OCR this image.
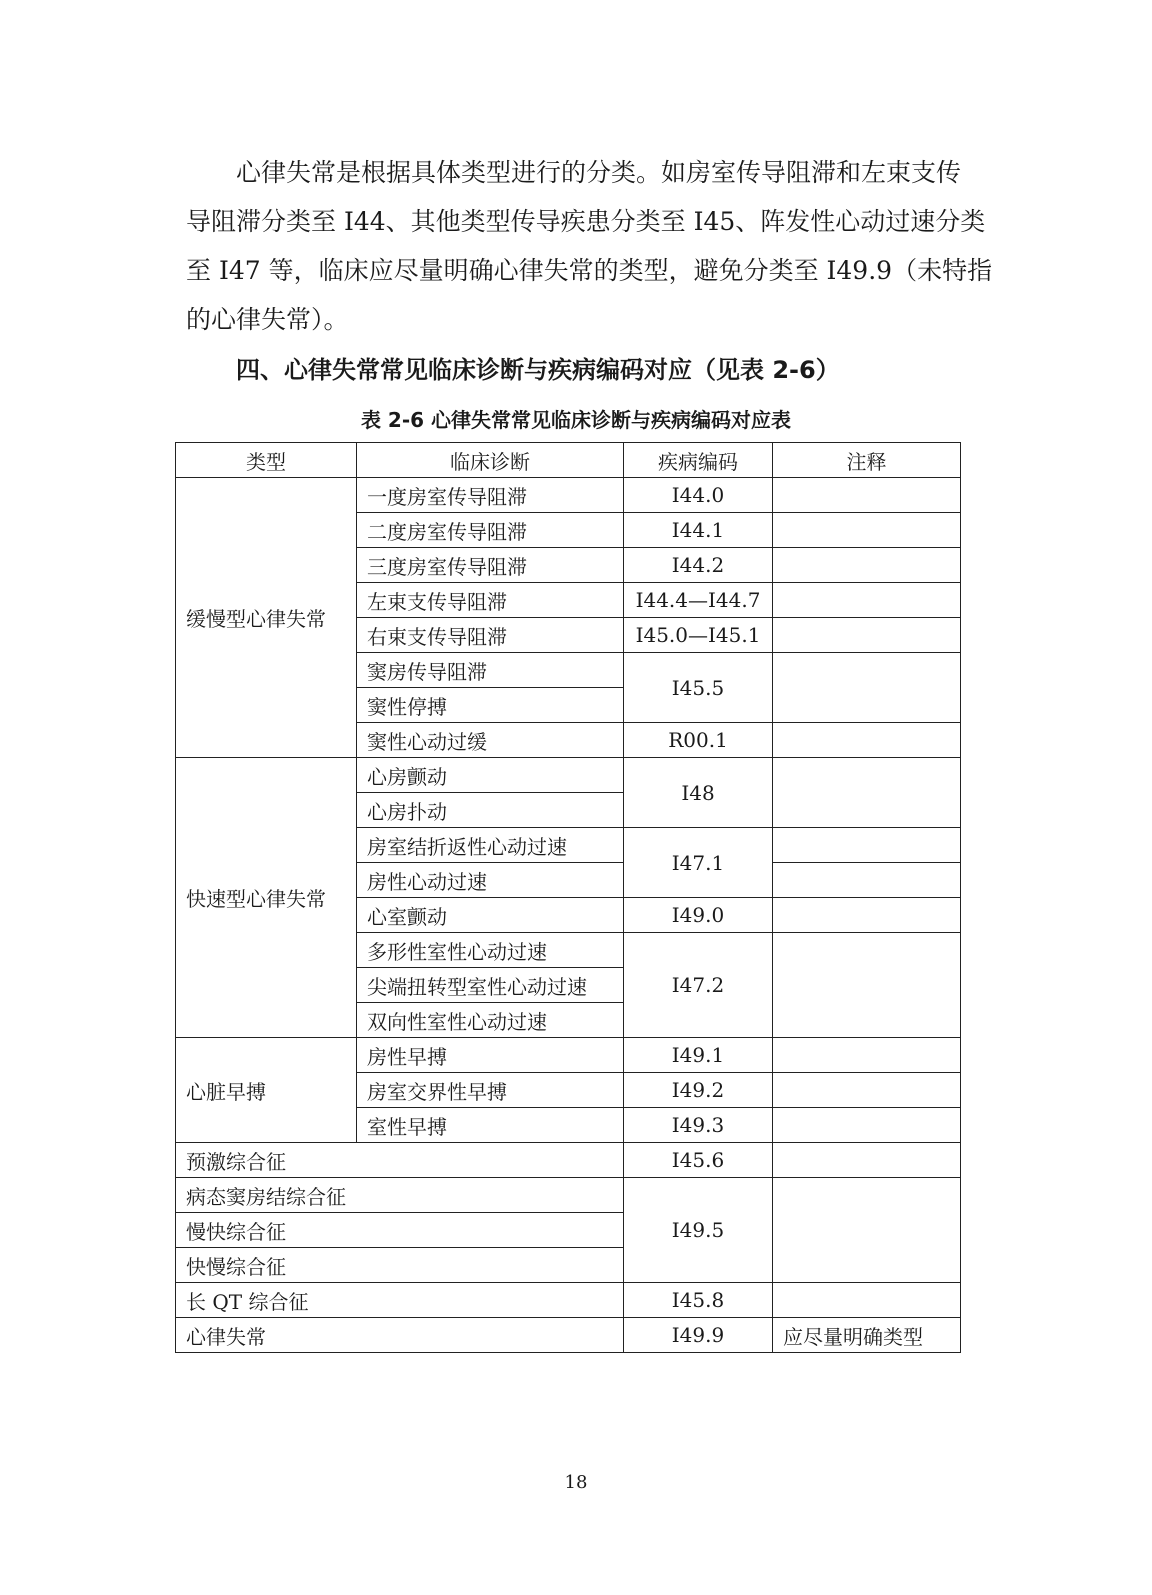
心律失常是根据具体类型进行的分类。如房室传导阻滞和左束支传
导阻滞分类至 I44、其他类型传导疾患分类至 I45、阵发性心动过速分类
至 I47 等，临床应尽量明确心律失常的类型，避免分类至 I49.9（未特指
的心律失常）。

四、心律失常常见临床诊断与疾病编码对应（见表 2-6）

表 2-6 心律失常常见临床诊断与疾病编码对应表

类型	临床诊断	疾病编码	注释
缓慢型心律失常	一度房室传导阻滞	I44.0	
	二度房室传导阻滞	I44.1	
	三度房室传导阻滞	I44.2	
	左束支传导阻滞	I44.4—I44.7	
	右束支传导阻滞	I45.0—I45.1	
	窦房传导阻滞	I45.5	
	窦性停搏		
	窦性心动过缓	R00.1	
快速型心律失常	心房颤动	I48	
	心房扑动		
	房室结折返性心动过速	I47.1	
	房性心动过速		
	心室颤动	I49.0	
	多形性室性心动过速	I47.2	
	尖端扭转型室性心动过速		
	双向性室性心动过速		
心脏早搏	房性早搏	I49.1	
	房室交界性早搏	I49.2	
	室性早搏	I49.3	
预激综合征		I45.6	
病态窦房结综合征		I49.5	
慢快综合征			
快慢综合征			
长 QT 综合征		I45.8	
心律失常		I49.9	应尽量明确类型
18
